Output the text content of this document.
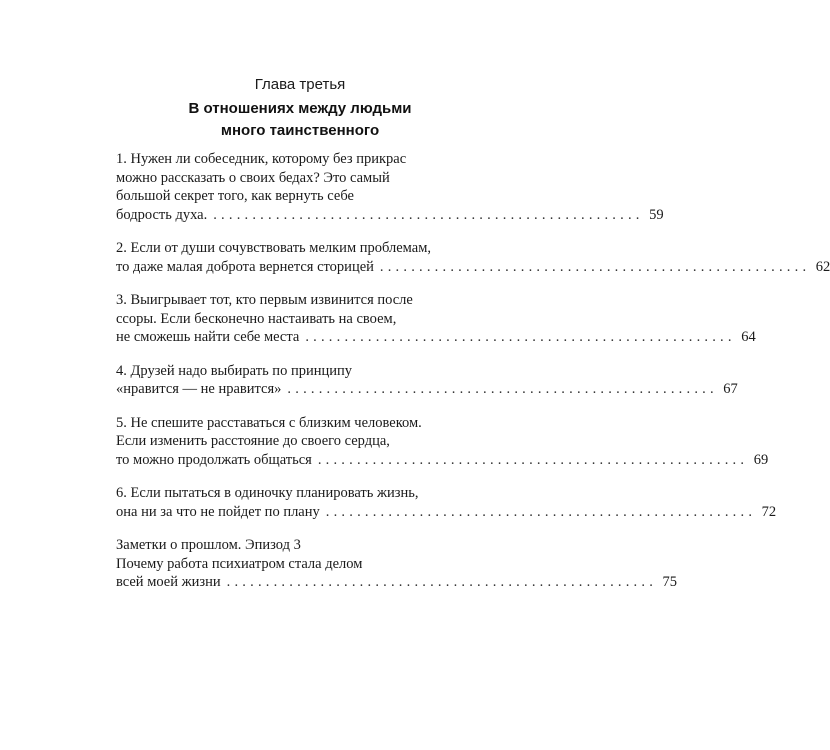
Глава третья
В отношениях между людьми
много таинственного
1. Нужен ли собеседник, которому без прикрас
можно рассказать о своих бедах? Это самый
большой секрет того, как вернуть себе
бодрость духа. ....................................................... 59
2. Если от души сочувствовать мелким проблемам,
то даже малая доброта вернется сторицей ....................................................... 62
3. Выигрывает тот, кто первым извинится после
ссоры. Если бесконечно настаивать на своем,
не сможешь найти себе места ....................................................... 64
4. Друзей надо выбирать по принципу
«нравится — не нравится» ....................................................... 67
5. Не спешите расставаться с близким человеком.
Если изменить расстояние до своего сердца,
то можно продолжать общаться ....................................................... 69
6. Если пытаться в одиночку планировать жизнь,
она ни за что не пойдет по плану ....................................................... 72
Заметки о прошлом. Эпизод 3
Почему работа психиатром стала делом
всей моей жизни ....................................................... 75
